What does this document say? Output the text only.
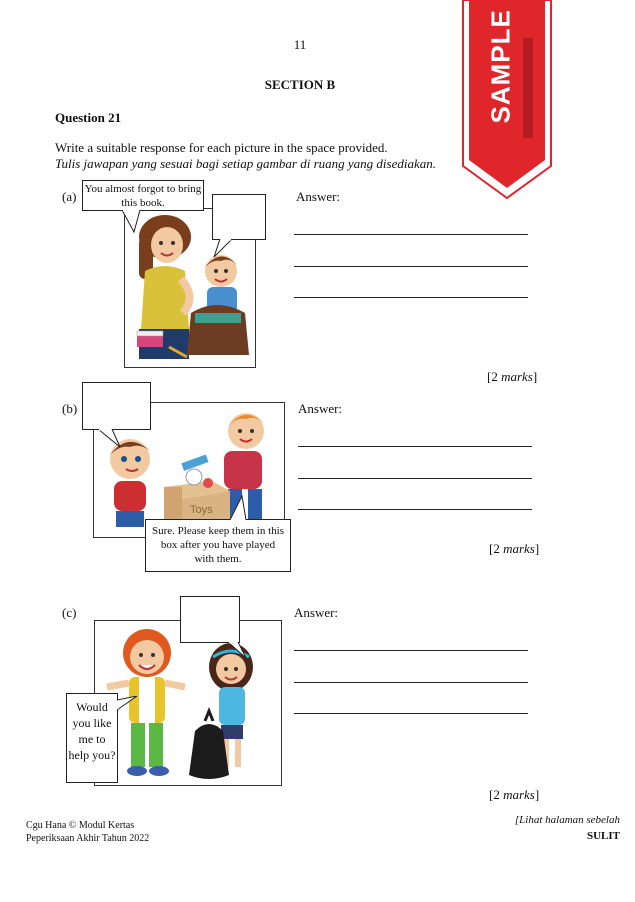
11
SECTION B
Question 21
Write a suitable response for each picture in the space provided.
Tulis jawapan yang sesuai bagi setiap gambar di ruang yang disediakan.
SAMPLE
(a) You almost forgot to bring this book.	Answer:
[2 marks]
(b)
Toys
Sure. Please keep them in this box after you have played with them.
Answer:
[2 marks]
(c)
Would you like me to help you?
Answer:
[2 marks]
Cgu Hana © Modul Kertas
Peperiksaan Akhir Tahun 2022
[Lihat halaman sebelah
SULIT
